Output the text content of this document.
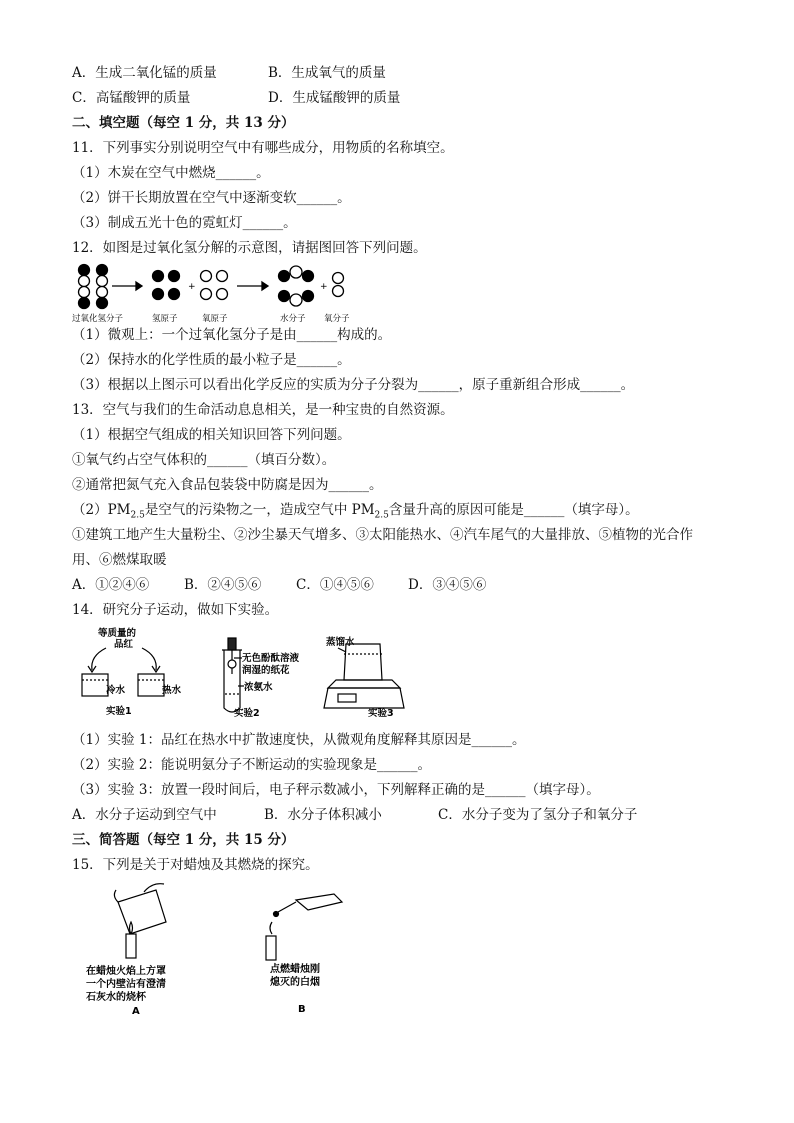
A．生成二氧化锰的质量	B．生成氧气的质量
C．高锰酸钾的质量	D．生成锰酸钾的质量
二、填空题（每空 1 分，共 13 分）
11．下列事实分别说明空气中有哪些成分，用物质的名称填空。
（1）木炭在空气中燃烧______。
（2）饼干长期放置在空气中逐渐变软______。
（3）制成五光十色的霓虹灯______。
12．如图是过氧化氢分解的示意图，请据图回答下列问题。
+	+
过氧化氢分子	氢原子	氧原子	水分子 氧分子
（1）微观上：一个过氧化氢分子是由______构成的。
（2）保持水的化学性质的最小粒子是______。
（3）根据以上图示可以看出化学反应的实质为分子分裂为______，原子重新组合形成______。
13．空气与我们的生命活动息息相关，是一种宝贵的自然资源。
（1）根据空气组成的相关知识回答下列问题。
①氧气约占空气体积的______（填百分数）。
②通常把氮气充入食品包装袋中防腐是因为______。
$(2)PM_{2.5}$是空气的污染物之一，造成空气中 $PM_{2.5}$含量升高的原因可能是______（填字母）。
①建筑工地产生大量粉尘、②沙尘暴天气增多、③太阳能热水、④汽车尾气的大量排放、⑤植物的光合作
用、⑥燃煤取暖
A．①②④⑥	B．②④⑤⑥	C．①④⑤⑥	D．③④⑤⑥
14．研究分子运动，做如下实验。
等质量的
品红
冷水	热水
实验1
无色酚酞溶液
润湿的纸花
浓氨水
实验2
蒸馏水
实验3
（1）实验 1：品红在热水中扩散速度快，从微观角度解释其原因是______。
（2）实验 2：能说明氨分子不断运动的实验现象是______。
（3）实验 3：放置一段时间后，电子秤示数减小，下列解释正确的是______（填字母）。
A．水分子运动到空气中	B．水分子体积减小	C．水分子变为了氢分子和氧分子
三、简答题（每空 1 分，共 15 分）
15．下列是关于对蜡烛及其燃烧的探究。
在蜡烛火焰上方罩
一个内壁沾有澄清
石灰水的烧杯
A
点燃蜡烛刚
熄灭的白烟
B
